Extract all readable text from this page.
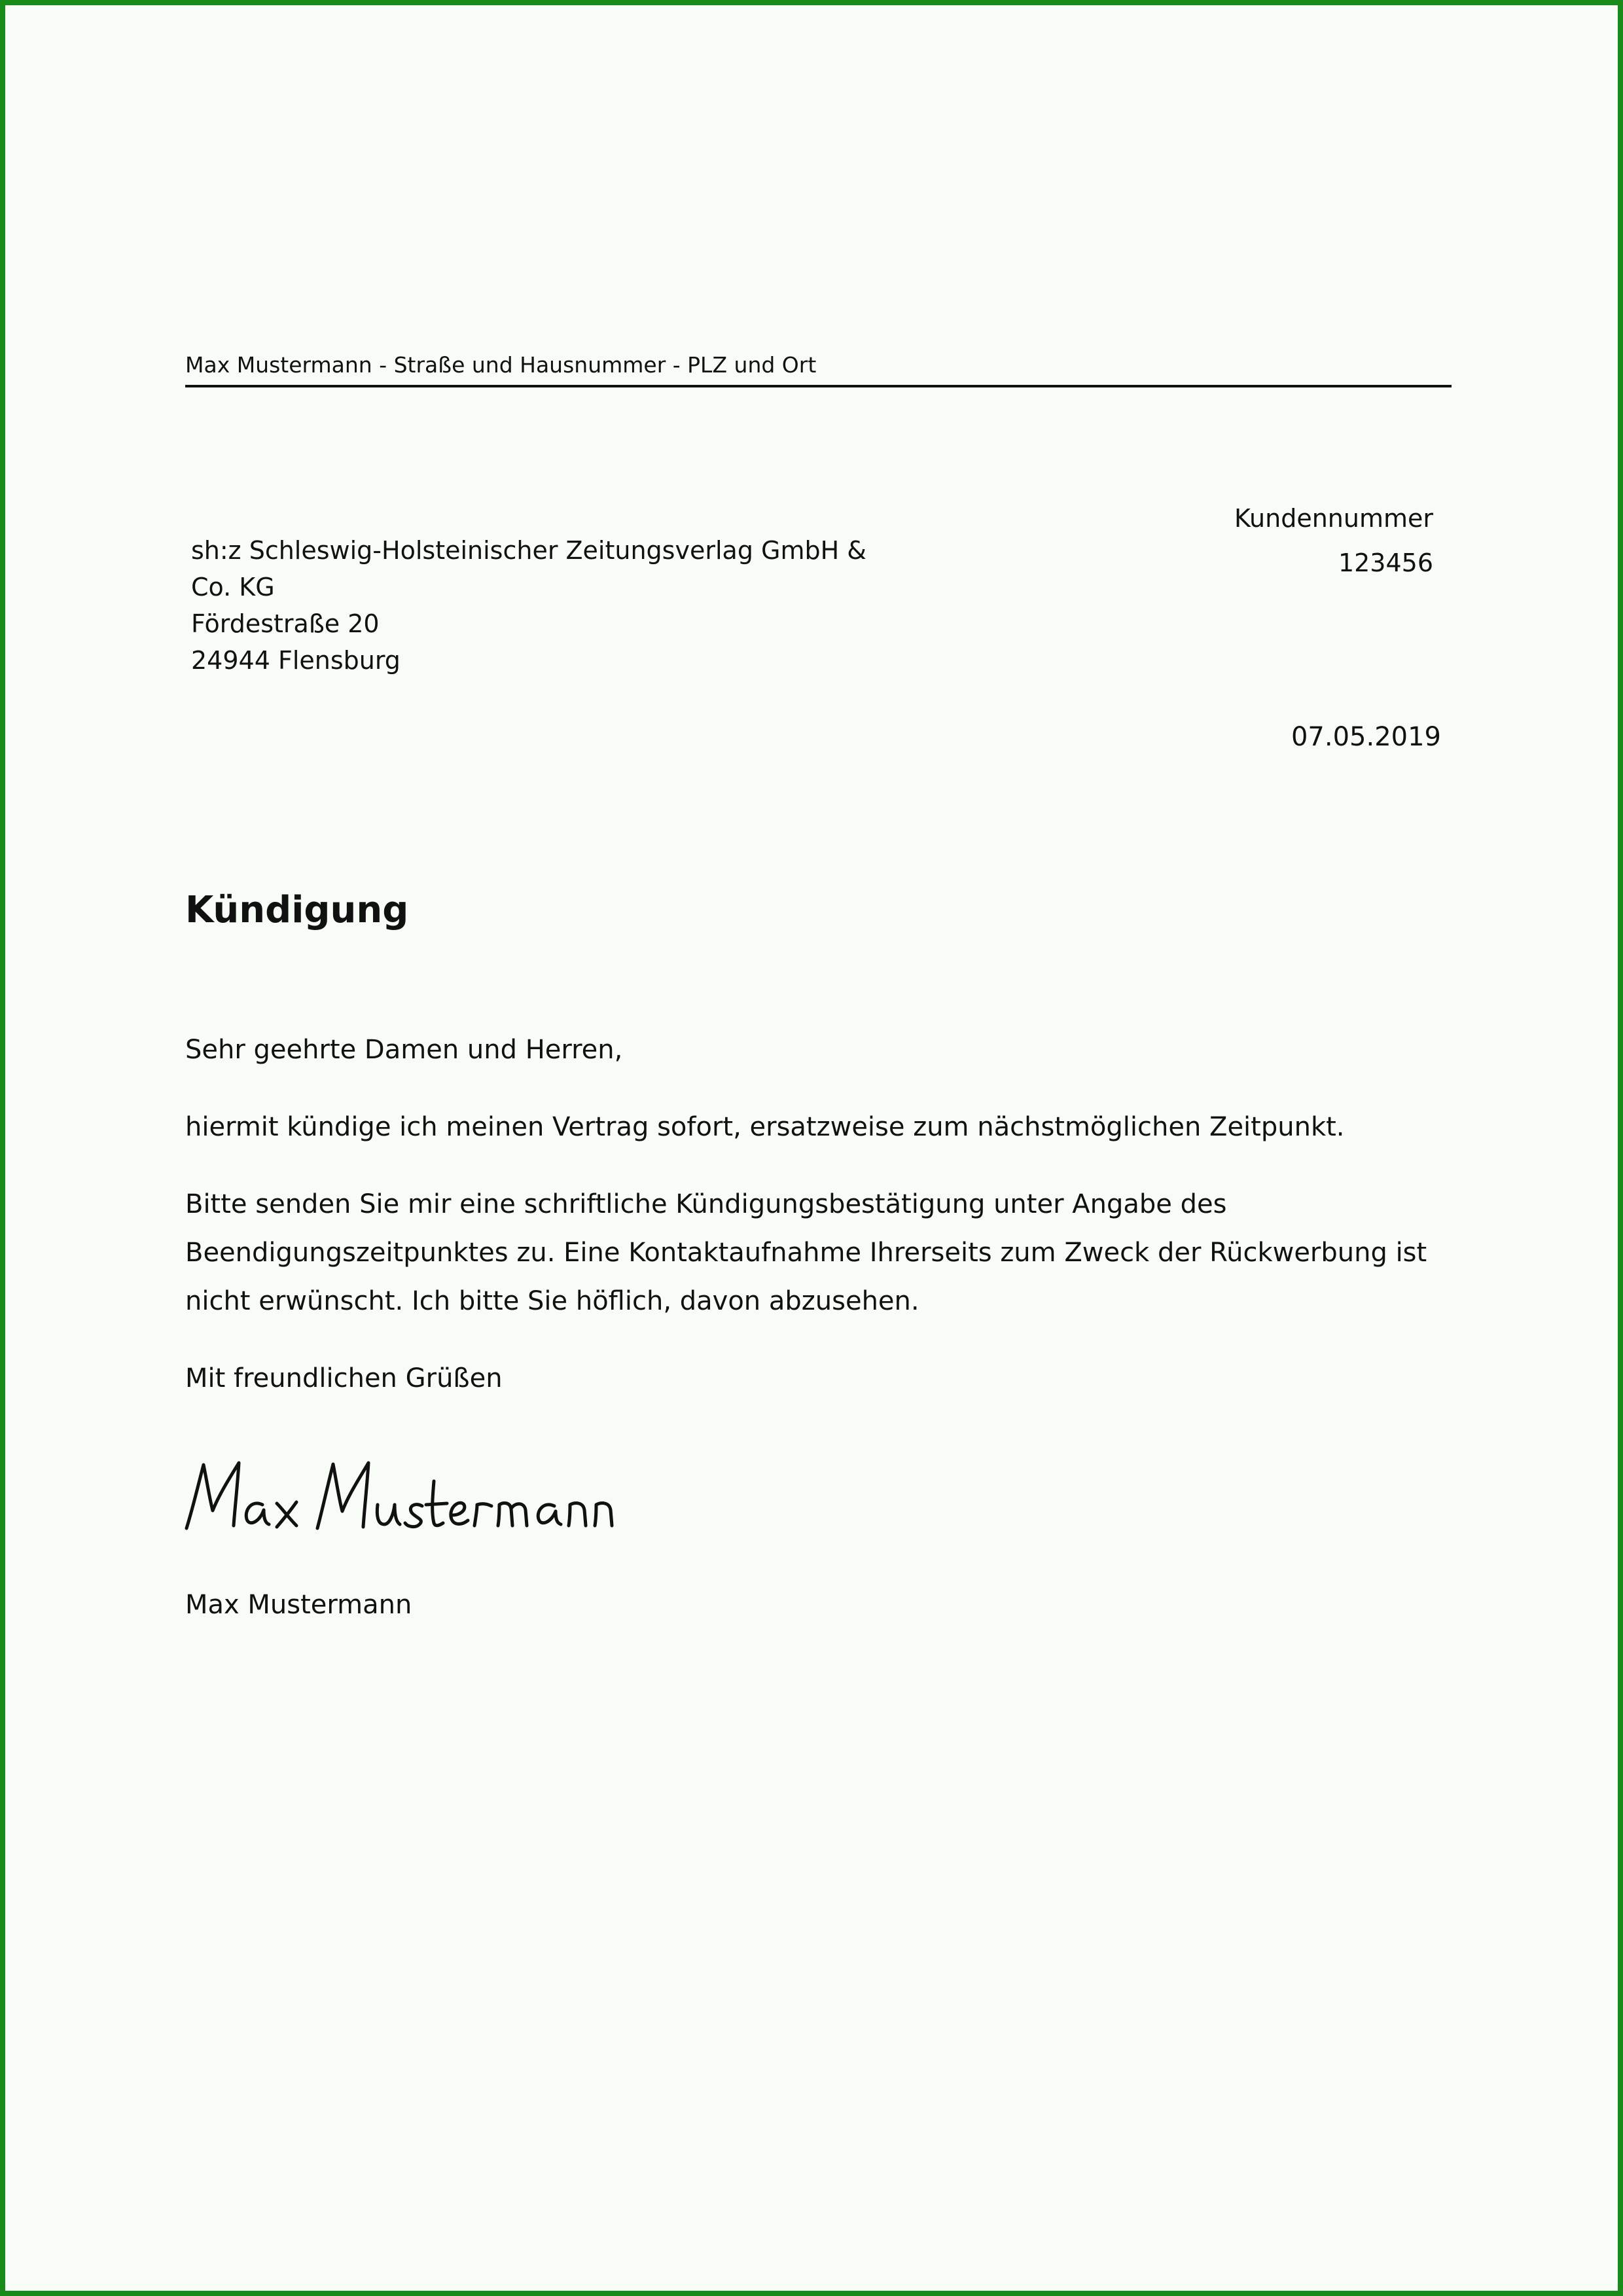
Max Mustermann - Straße und Hausnummer - PLZ und Ort
sh:z Schleswig-Holsteinischer Zeitungsverlag GmbH &
Co. KG
Fördestraße 20
24944 Flensburg
Kundennummer
123456
07.05.2019
Kündigung

Sehr geehrte Damen und Herren,

hiermit kündige ich meinen Vertrag sofort, ersatzweise zum nächstmöglichen Zeitpunkt.

Bitte senden Sie mir eine schriftliche Kündigungsbestätigung unter Angabe des Beendigungszeitpunktes zu. Eine Kontaktaufnahme Ihrerseits zum Zweck der Rückwerbung ist nicht erwünscht. Ich bitte Sie höflich, davon abzusehen.

Mit freundlichen Grüßen

Max Mustermann
